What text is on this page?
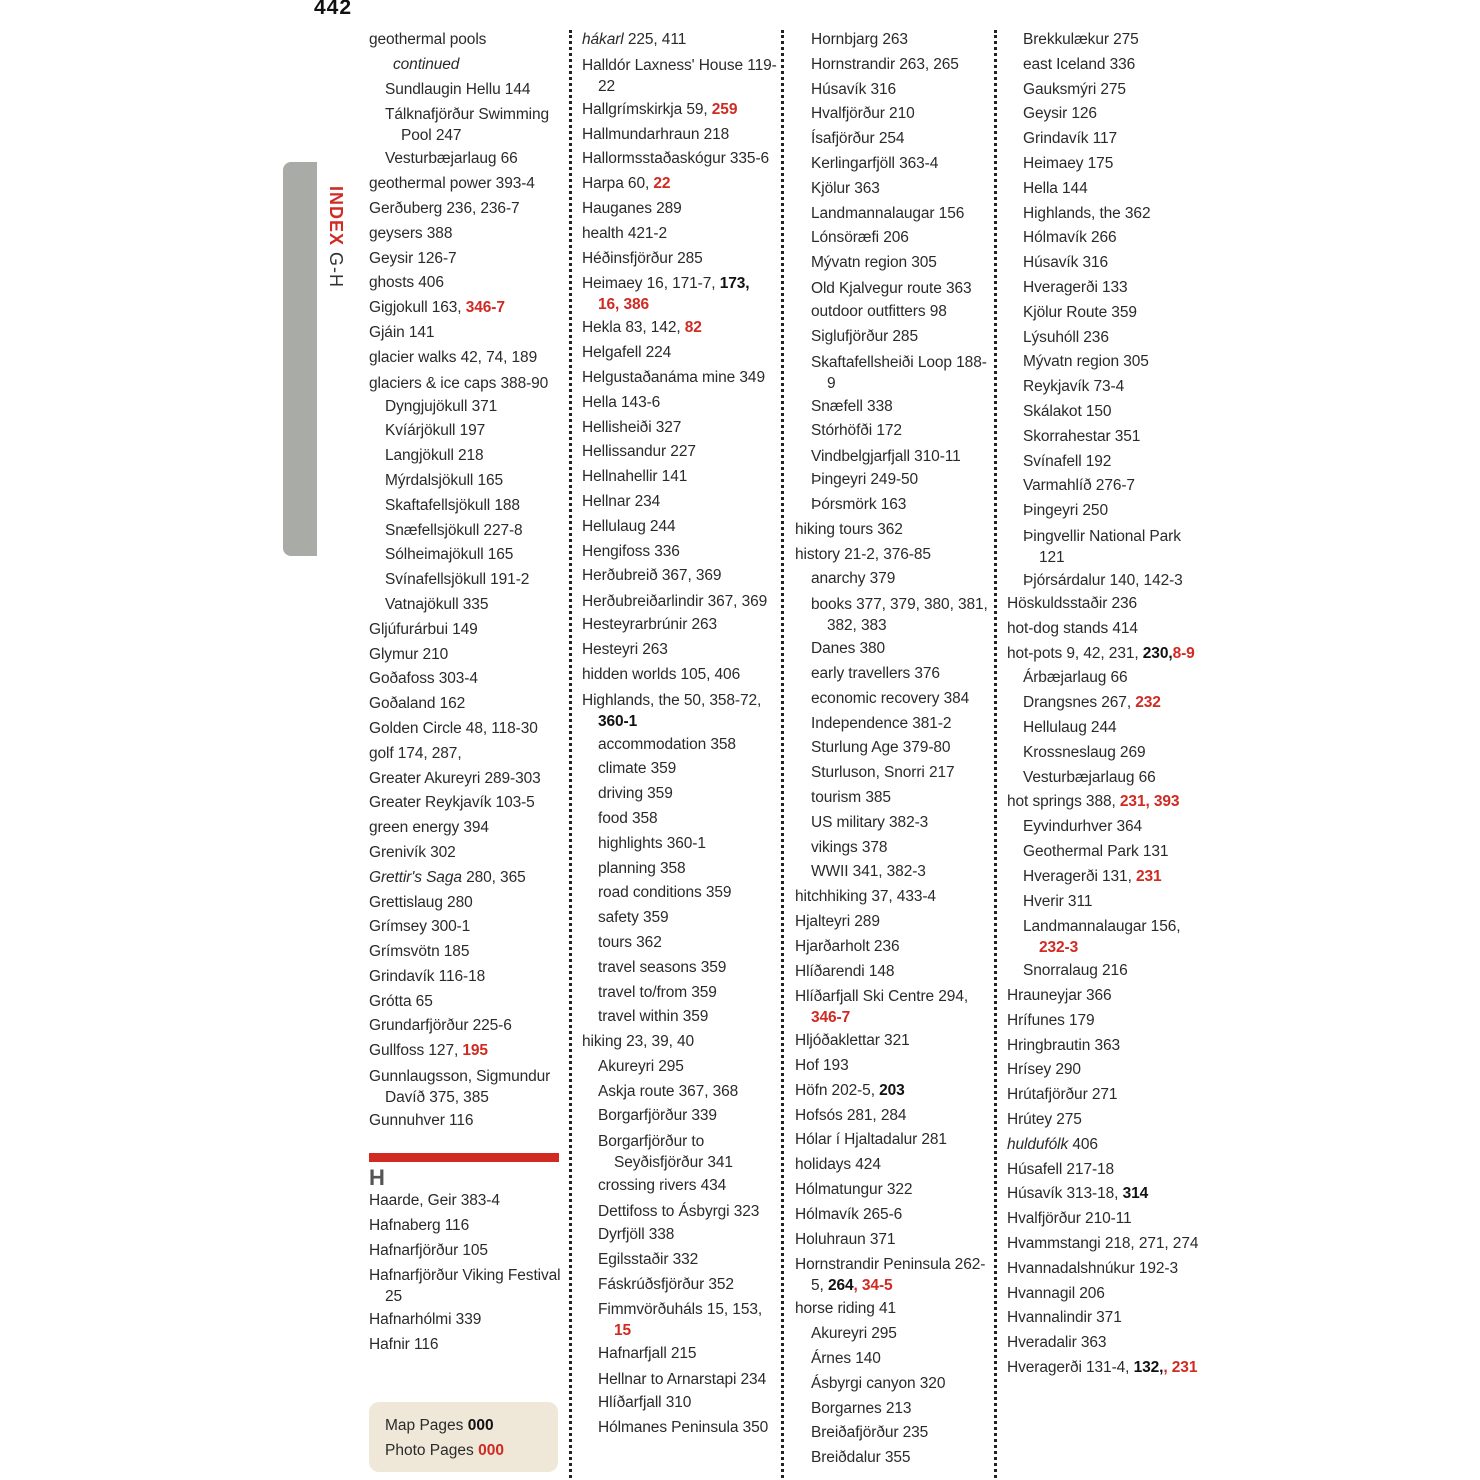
442
INDEX G-H
geothermal pools
continued
Sundlaugin Hellu 144
Tálknafjörður Swimming Pool 247
Vesturbæjarlaug 66
geothermal power 393-4
Gerðuberg 236, 236-7
geysers 388
Geysir 126-7
ghosts 406
Gigjokull 163, 346-7
Gjáin 141
glacier walks 42, 74, 189
glaciers & ice caps 388-90
Dyngjujökull 371
Kvíárjökull 197
Langjökull 218
Mýrdalsjökull 165
Skaftafellsjökull 188
Snæfellsjökull 227-8
Sólheimajökull 165
Svínafellsjökull 191-2
Vatnajökull 335
Gljúfurárbui 149
Glymur 210
Goðafoss 303-4
Goðaland 162
Golden Circle 48, 118-30
golf 174, 287,
Greater Akureyri 289-303
Greater Reykjavík 103-5
green energy 394
Grenivík 302
Grettir's Saga 280, 365
Grettislaug 280
Grímsey 300-1
Grímsvötn 185
Grindavík 116-18
Grótta 65
Grundarfjörður 225-6
Gullfoss 127, 195
Gunnlaugsson, Sigmundur Davíð 375, 385
Gunnuhver 116
H
Haarde, Geir 383-4
Hafnaberg 116
Hafnarfjörður 105
Hafnarfjörður Viking Festival 25
Hafnarhólmi 339
Hafnir 116
Map Pages 000
Photo Pages 000
hákarl 225, 411
Halldór Laxness' House 119-22
Hallgrímskirkja 59, 259
Hallmundarhraun 218
Hallormsstaðaskógur 335-6
Harpa 60, 22
Hauganes 289
health 421-2
Héðinsfjörður 285
Heimaey 16, 171-7, 173,
16, 386
Hekla 83, 142, 82
Helgafell 224
Helgustaðanáma mine 349
Hella 143-6
Hellisheiði 327
Hellissandur 227
Hellnahellir 141
Hellnar 234
Hellulaug 244
Hengifoss 336
Herðubreið 367, 369
Herðubreiðarlindir 367, 369
Hesteyrarbrúnir 263
Hesteyri 263
hidden worlds 105, 406
Highlands, the 50, 358-72, 360-1
accommodation 358
climate 359
driving 359
food 358
highlights 360-1
planning 358
road conditions 359
safety 359
tours 362
travel seasons 359
travel to/from 359
travel within 359
hiking 23, 39, 40
Akureyri 295
Askja route 367, 368
Borgarfjörður 339
Borgarfjörður to Seyðisfjörður 341
crossing rivers 434
Dettifoss to Ásbyrgi 323
Dyrfjöll 338
Egilsstaðir 332
Fáskrúðsfjörður 352
Fimmvörðuháls 15, 153, 15
Hafnarfjall 215
Hellnar to Arnarstapi 234
Hlíðarfjall 310
Hólmanes Peninsula 350
Hornbjarg 263
Hornstrandir 263, 265
Húsavík 316
Hvalfjörður 210
Ísafjörður 254
Kerlingarfjöll 363-4
Kjölur 363
Landmannalaugar 156
Lónsöræfi 206
Mývatn region 305
Old Kjalvegur route 363
outdoor outfitters 98
Siglufjörður 285
Skaftafellsheiði Loop 188-9
Snæfell 338
Stórhöfði 172
Vindbelgjarfjall 310-11
Þingeyri 249-50
Þórsmörk 163
hiking tours 362
history 21-2, 376-85
anarchy 379
books 377, 379, 380, 381, 382, 383
Danes 380
early travellers 376
economic recovery 384
Independence 381-2
Sturlung Age 379-80
Sturluson, Snorri 217
tourism 385
US military 382-3
vikings 378
WWII 341, 382-3
hitchhiking 37, 433-4
Hjalteyri 289
Hjarðarholt 236
Hlíðarendi 148
Hlíðarfjall Ski Centre 294, 346-7
Hljóðaklettar 321
Hof 193
Höfn 202-5, 203
Hofsós 281, 284
Hólar í Hjaltadalur 281
holidays 424
Hólmatungur 322
Hólmavík 265-6
Holuhraun 371
Hornstrandir Peninsula 262-5, 264, 34-5
horse riding 41
Akureyri 295
Árnes 140
Ásbyrgi canyon 320
Borgarnes 213
Breiðafjörður 235
Breiðdalur 355
Brekkulækur 275
east Iceland 336
Gauksmýri 275
Geysir 126
Grindavík 117
Heimaey 175
Hella 144
Highlands, the 362
Hólmavík 266
Húsavík 316
Hveragerði 133
Kjölur Route 359
Lýsuhóll 236
Mývatn region 305
Reykjavík 73-4
Skálakot 150
Skorrahestar 351
Svínafell 192
Varmahlíð 276-7
Þingeyri 250
Þingvellir National Park 121
Þjórsárdalur 140, 142-3
Höskuldsstaðir 236
hot-dog stands 414
hot-pots 9, 42, 231, 230,8-9
Árbæjarlaug 66
Drangsnes 267, 232
Hellulaug 244
Krossneslaug 269
Vesturbæjarlaug 66
hot springs 388, 231, 393
Eyvindurhver 364
Geothermal Park 131
Hveragerði 131, 231
Hverir 311
Landmannalaugar 156, 232-3
Snorralaug 216
Hrauneyjar 366
Hrífunes 179
Hringbrautin 363
Hrísey 290
Hrútafjörður 271
Hrútey 275
huldufólk 406
Húsafell 217-18
Húsavík 313-18, 314
Hvalfjörður 210-11
Hvammstangi 218, 271, 274
Hvannadalshnúkur 192-3
Hvannagil 206
Hvannalindir 371
Hveradalir 363
Hveragerði 131-4, 132,, 231
